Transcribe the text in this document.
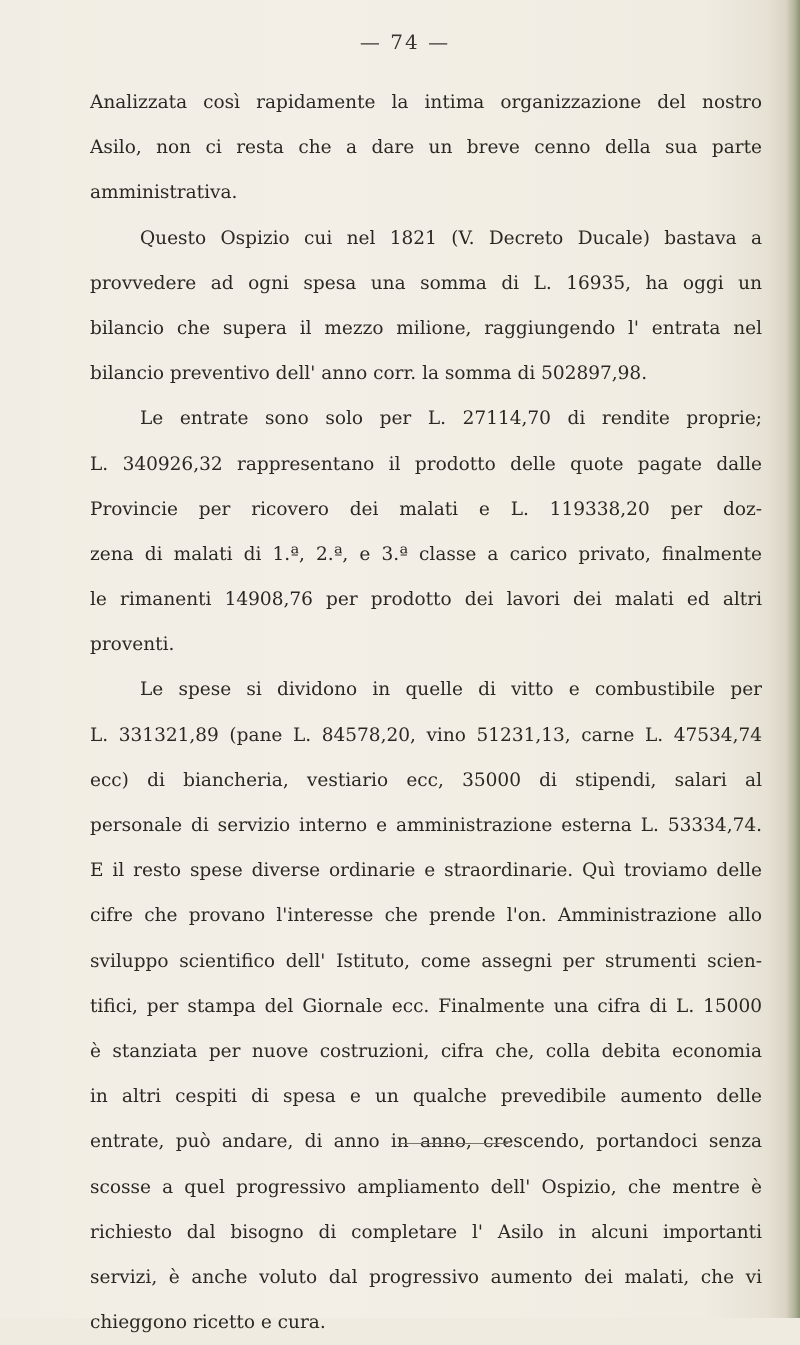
— 74 —
Analizzata così rapidamente la intima organizzazione del nostro
Asilo, non ci resta che a dare un breve cenno della sua parte
amministrativa.
Questo Ospizio cui nel 1821 (V. Decreto Ducale) bastava a
provvedere ad ogni spesa una somma di L. 16935, ha oggi un
bilancio che supera il mezzo milione, raggiungendo l' entrata nel
bilancio preventivo dell' anno corr. la somma di 502897,98.
Le entrate sono solo per L. 27114,70 di rendite proprie;
L. 340926,32 rappresentano il prodotto delle quote pagate dalle
Provincie per ricovero dei malati e L. 119338,20 per doz-
zena di malati di 1.ª, 2.ª, e 3.ª classe a carico privato, finalmente
le rimanenti 14908,76 per prodotto dei lavori dei malati ed altri
proventi.
Le spese si dividono in quelle di vitto e combustibile per
L. 331321,89 (pane L. 84578,20, vino 51231,13, carne L. 47534,74
ecc) di biancheria, vestiario ecc, 35000 di stipendi, salari al
personale di servizio interno e amministrazione esterna L. 53334,74.
E il resto spese diverse ordinarie e straordinarie. Quì troviamo delle
cifre che provano l'interesse che prende l'on. Amministrazione allo
sviluppo scientifico dell' Istituto, come assegni per strumenti scien-
tifici, per stampa del Giornale ecc. Finalmente una cifra di L. 15000
è stanziata per nuove costruzioni, cifra che, colla debita economia
in altri cespiti di spesa e un qualche prevedibile aumento delle
entrate, può andare, di anno in anno, crescendo, portandoci senza
scosse a quel progressivo ampliamento dell' Ospizio, che mentre è
richiesto dal bisogno di completare l' Asilo in alcuni importanti
servizi, è anche voluto dal progressivo aumento dei malati, che vi
chieggono ricetto e cura.
